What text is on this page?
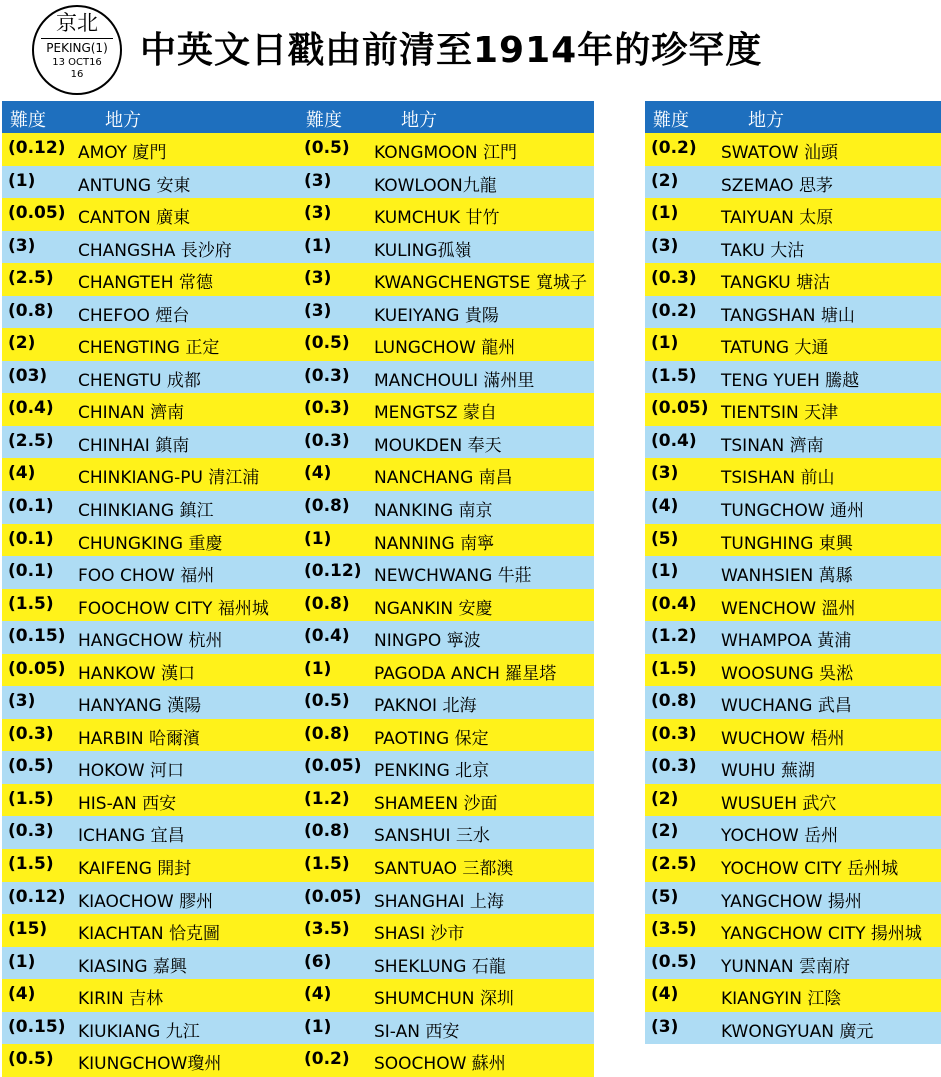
京北
PEKING(1)
13 OCT16
16
中英文日戳由前清至1914年的珍罕度
難度	地方
(0.12) AMOY 廈門
(1)	ANTUNG 安東
(0.05) CANTON 廣東
(3)	CHANGSHA 長沙府
(2.5) CHANGTEH 常德
(0.8) CHEFOO 煙台
(2)	CHENGTING 正定
(03) CHENGTU 成都
(0.4) CHINAN 濟南
(2.5) CHINHAI 鎮南
(4)	CHINKIANG-PU 清江浦
(0.1) CHINKIANG 鎮江
(0.1) CHUNGKING 重慶
(0.1) FOO CHOW 福州
(1.5) FOOCHOW CITY 福州城
(0.15) HANGCHOW 杭州
(0.05) HANKOW 漢口
(3)	HANYANG 漢陽
(0.3) HARBIN 哈爾濱
(0.5) HOKOW 河口
(1.5) HIS-AN 西安
(0.3) ICHANG 宜昌
(1.5) KAIFENG 開封
(0.12) KIAOCHOW 膠州
(15) KIACHTAN 恰克圖
(1)	KIASING 嘉興
(4)	KIRIN 吉林
(0.15) KIUKIANG 九江
(0.5) KIUNGCHOW瓊州
難度	地方
(0.5) KONGMOON 江門
(3)	KOWLOON九龍
(3)	KUMCHUK 甘竹
(1)	KULING孤嶺
(3)	KWANGCHENGTSE 寬城子
(3)	KUEIYANG 貴陽
(0.5) LUNGCHOW 龍州
(0.3) MANCHOULI 滿州里
(0.3) MENGTSZ 蒙自
(0.3) MOUKDEN 奉天
(4)	NANCHANG 南昌
(0.8) NANKING 南京
(1)	NANNING 南寧
(0.12) NEWCHWANG 牛莊
(0.8) NGANKIN 安慶
(0.4) NINGPO 寧波
(1)	PAGODA ANCH 羅星塔
(0.5) PAKNOI 北海
(0.8) PAOTING 保定
(0.05) PENKING 北京
(1.2) SHAMEEN 沙面
(0.8) SANSHUI 三水
(1.5) SANTUAO 三都澳
(0.05) SHANGHAI 上海
(3.5) SHASI 沙市
(6)	SHEKLUNG 石龍
(4)	SHUMCHUN 深圳
(1)	SI-AN 西安
(0.2) SOOCHOW 蘇州
難度	地方
(0.2) SWATOW 汕頭
(2)	SZEMAO 思茅
(1)	TAIYUAN 太原
(3)	TAKU 大沽
(0.3) TANGKU 塘沽
(0.2) TANGSHAN 塘山
(1)	TATUNG 大通
(1.5) TENG YUEH 騰越
(0.05) TIENTSIN 天津
(0.4) TSINAN 濟南
(3)	TSISHAN 前山
(4)	TUNGCHOW 通州
(5)	TUNGHING 東興
(1)	WANHSIEN 萬縣
(0.4) WENCHOW 溫州
(1.2) WHAMPOA 黃浦
(1.5) WOOSUNG 吳淞
(0.8) WUCHANG 武昌
(0.3) WUCHOW 梧州
(0.3) WUHU 蕪湖
(2)	WUSUEH 武穴
(2)	YOCHOW 岳州
(2.5) YOCHOW CITY 岳州城
(5)	YANGCHOW 揚州
(3.5) YANGCHOW CITY 揚州城
(0.5) YUNNAN 雲南府
(4)	KIANGYIN 江陰
(3)	KWONGYUAN 廣元
